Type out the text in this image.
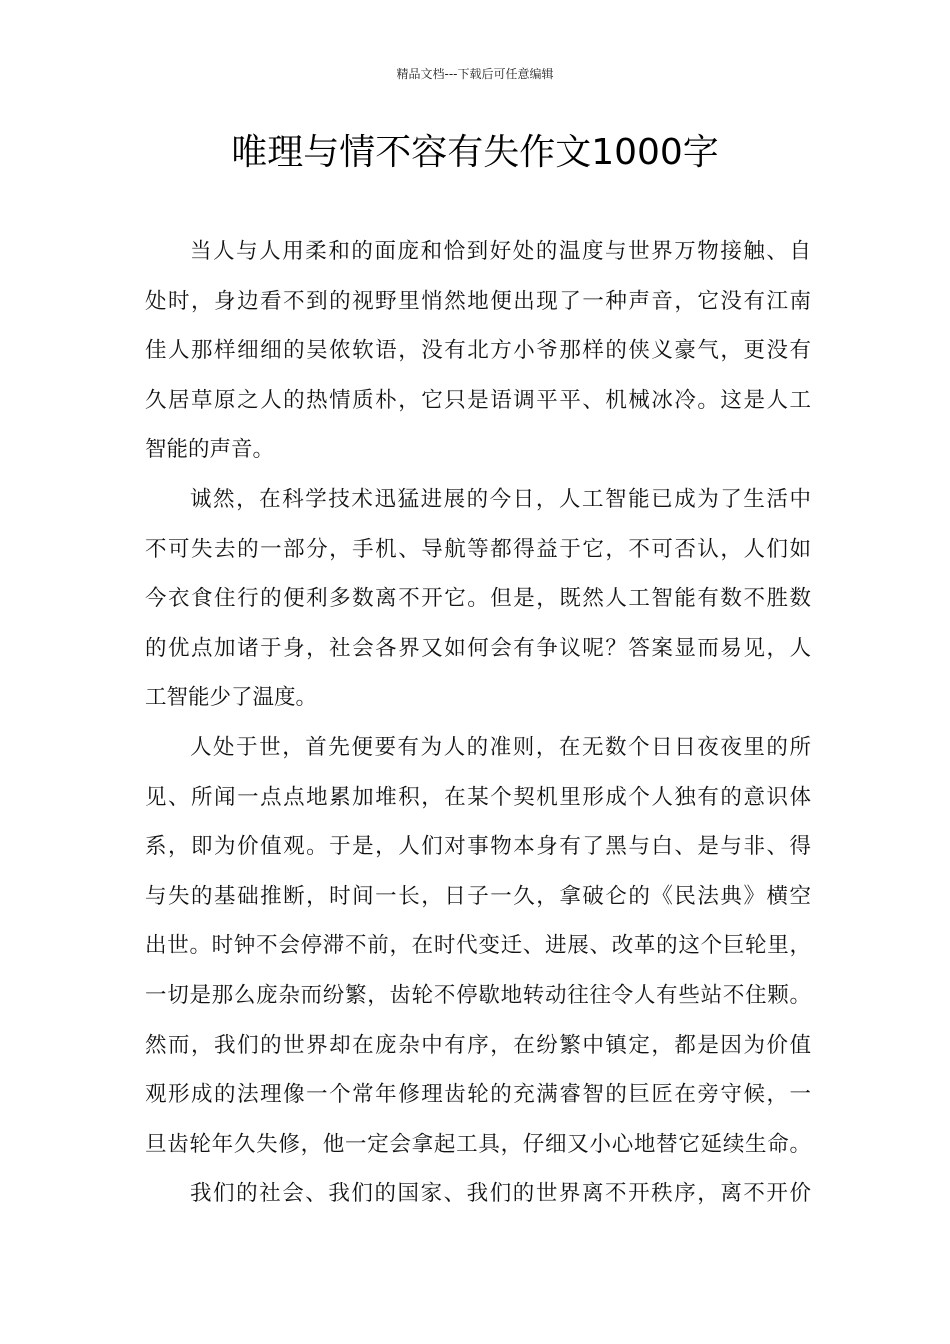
精品文档---下载后可任意编辑
唯理与情不容有失作文1000字
当人与人用柔和的面庞和恰到好处的温度与世界万物接触、自
处时，身边看不到的视野里悄然地便出现了一种声音，它没有江南
佳人那样细细的吴侬软语，没有北方小爷那样的侠义豪气，更没有
久居草原之人的热情质朴，它只是语调平平、机械冰冷。这是人工
智能的声音。
诚然，在科学技术迅猛进展的今日，人工智能已成为了生活中
不可失去的一部分，手机、导航等都得益于它，不可否认，人们如
今衣食住行的便利多数离不开它。但是，既然人工智能有数不胜数
的优点加诸于身，社会各界又如何会有争议呢？答案显而易见，人
工智能少了温度。
人处于世，首先便要有为人的准则，在无数个日日夜夜里的所
见、所闻一点点地累加堆积，在某个契机里形成个人独有的意识体
系，即为价值观。于是，人们对事物本身有了黑与白、是与非、得
与失的基础推断，时间一长，日子一久，拿破仑的《民法典》横空
出世。时钟不会停滞不前，在时代变迁、进展、改革的这个巨轮里，
一切是那么庞杂而纷繁，齿轮不停歇地转动往往令人有些站不住颗。
然而，我们的世界却在庞杂中有序，在纷繁中镇定，都是因为价值
观形成的法理像一个常年修理齿轮的充满睿智的巨匠在旁守候，一
旦齿轮年久失修，他一定会拿起工具，仔细又小心地替它延续生命。
我们的社会、我们的国家、我们的世界离不开秩序，离不开价
